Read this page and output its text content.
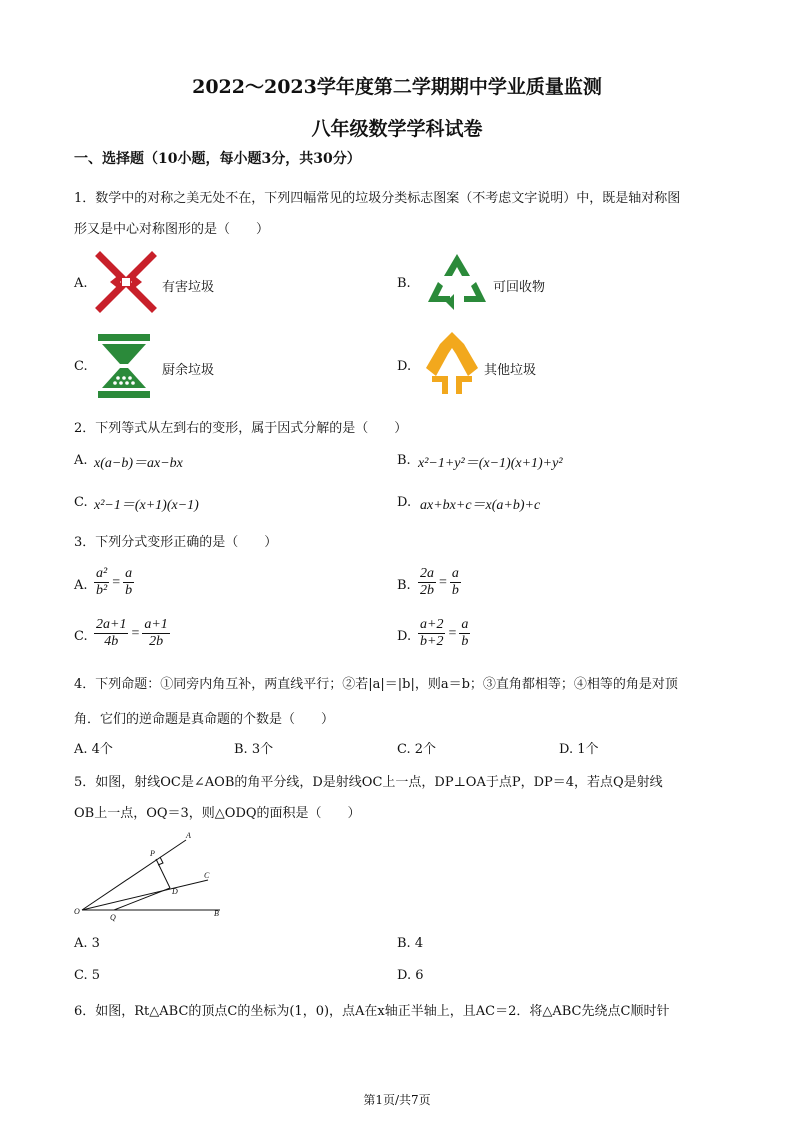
2022～2023学年度第二学期期中学业质量监测
八年级数学学科试卷
一、选择题（10小题，每小题3分，共30分）
1．数学中的对称之美无处不在，下列四幅常见的垃圾分类标志图案（不考虑文字说明）中，既是轴对称图
形又是中心对称图形的是（　　）
A.	有害垃圾	B.	可回收物
C.	厨余垃圾	D.	其他垃圾
2．下列等式从左到右的变形，属于因式分解的是（　　）
A. x(a−b)＝ax−bx	B. x²−1+y²＝(x−1)(x+1)+y²
C. x²−1＝(x+1)(x−1)	D. ax+bx+c＝x(a+b)+c
3．下列分式变形正确的是（　　）
A. $\frac{\text{a²}}{\text{b²}} = \frac{a}{b}$	B. $\frac{2a}{2b} = \frac{a}{b}$
C. $\frac{2a+1}{4b} = \frac{a+1}{2b}$	D. $\frac{a+2}{b+2} = \frac{a}{b}$
4．下列命题：①同旁内角互补，两直线平行；②若|a|＝|b|，则a＝b；③直角都相等；④相等的角是对顶
角．它们的逆命题是真命题的个数是（　　）
A. 4个	B. 3个	C. 2个	D. 1个
5．如图，射线OC是∠AOB的角平分线，D是射线OC上一点，DP⊥OA于点P，DP＝4，若点Q是射线
OB上一点，OQ＝3，则△ODQ的面积是（　　）
A
P
C
D
O
Q	B
A. 3	B. 4
C. 5	D. 6
6．如图，Rt△ABC的顶点C的坐标为(1，0)，点A在x轴正半轴上，且AC＝2．将△ABC先绕点C顺时针
第1页/共7页
